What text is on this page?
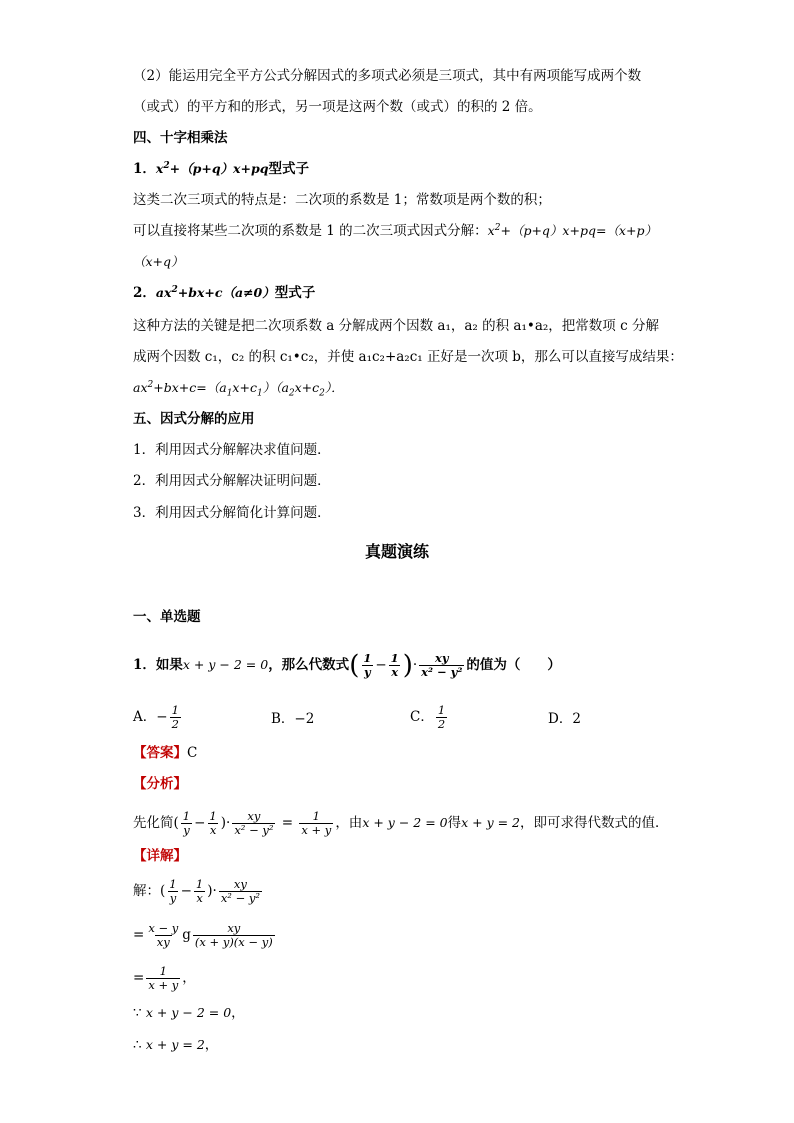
（2）能运用完全平方公式分解因式的多项式必须是三项式，其中有两项能写成两个数
（或式）的平方和的形式，另一项是这两个数（或式）的积的 2 倍。
四、十字相乘法
1．$x^2+(p+q)x+pq$型式子
这类二次三项式的特点是：二次项的系数是 1；常数项是两个数的积；
可以直接将某些二次项的系数是 1 的二次三项式因式分解：$x^2+(p+q)x+pq=(x+p)$
（x+q）
2．$ax^2+bx+c(a\ne 0)$型式子
这种方法的关键是把二次项系数 a 分解成两个因数 a₁，a₂ 的积 a₁•a₂，把常数项 c 分解
成两个因数 c₁，c₂ 的积 c₁•c₂，并使 a₁c₂+a₂c₁ 正好是一次项 b，那么可以直接写成结果：
$ax^2+bx+c=(a_1x+c_1)(a_2x+c_2)$．
五、因式分解的应用
1．利用因式分解解决求值问题．
2．利用因式分解解决证明问题．
3．利用因式分解简化计算问题．
真题演练
一、单选题
1．如果x + y − 2 = 0，那么代数式( $\frac{1}{y} - \frac{1}{x}$ )· $\frac{xy}{\text{x² − y²}}$ 的值为（　　）
A．− $\frac{1}{2}$	B．−2	C． $\frac{1}{2}$	D．2
【答案】C
【分析】
先化简( $\frac{1}{y} - \frac{1}{x}$ )· $\frac{xy}{\text{x² − y²}} = \frac{1}{x + y}$ ，由x + y − 2 = 0得x + y = 2，即可求得代数式的值．
【详解】
解：( $\frac{1}{y} - \frac{1}{x}$ )· $\frac{xy}{\text{x² − y²}}$
= $\frac{x - y}{xy}$ g $\frac{xy}{(x + y)(x - y)}$
= $\frac{1}{x + y}$ ，
∵ x + y − 2 = 0，
∴ x + y = 2，
